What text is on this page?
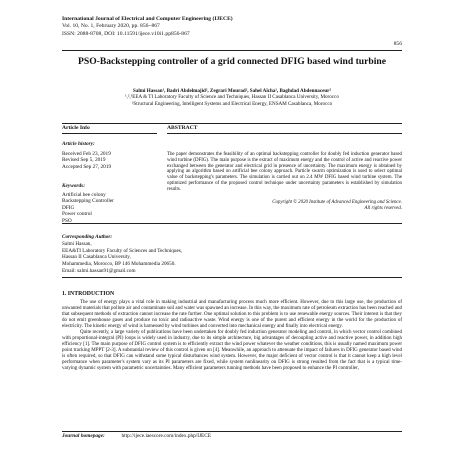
International Journal of Electrical and Computer Engineering (IJECE)
Vol. 10, No. 1, February 2020, pp. 856~867
ISSN: 2088-8708, DOI: 10.11591/ijece.v10i1.pp856-867
856
PSO-Backstepping controller of a grid connected DFIG based wind turbine
Salmi Hassan¹, Badri Abdelmajid², Zegrari Mourad², Sahel Aïcha¹, Baghdad Abdennaceur²
¹,²,³EEA & TI Laboratory Faculty of Science and Techniques, Hassan II Casablanca University, Morocco
²Structural Engineering, Intelligent Systems and Electrical Energy, ENSAM Casablanca, Morocco
Article Info	ABSTRACT
Article history:
Received Feb 23, 2019
Revised Sep 5, 2019
Accepted Sep 27, 2019
Keywords:
Artificial bee colony
Backstepping Controller
DFIG
Power control
PSO
The paper demonstrates the feasibility of an optimal backstepping controller for doubly fed induction generator based wind turbine (DFIG). The main purpose is the extract of maximum energy and the control of active and reactive power exchanged between the generator and electrical grid in presence of uncertainty. The maximum energy is obtained by applying an algorithm based on artificial bee colony approach. Particle swarm optimization is used to select optimal value of backstepping's parameters. The simulation is carried out on 2.4 MW DFIG based wind turbine system. The optimized performance of the proposed control technique under uncertainty parameters is established by simulation results.
Copyright © 2020 Institute of Advanced Engineering and Science.
All rights reserved.
Corresponding Author:
Salmi Hassan,
EEA&TI Laboratory Faculty of Sciences and Techniques,
Hassan II Casablanca University,
Mohammedia, Morocco, BP 146 Mohammedia 20650.
Email: salmi.hassan91@gmail.com
1. INTRODUCTION

The use of energy plays a vital role in making industrial and manufacturing process much more efficient. However, due to this large use, the production of unwanted materials that pollute air and contaminate soil and water was spawned an increase. In this way, the maximum rate of petroleum extraction has been reached and that subsequent methods of extraction cannot increase the rate further. One optimal solution to this problem is to use renewable energy sources. Their interest is that they do not emit greenhouse gases and produce no toxic and radioactive waste. Wind energy is one of the purest and efficient energy in the world for the production of electricity. The kinetic energy of wind is harnessed by wind turbines and converted into mechanical energy and finally into electrical energy.

Quite recently, a large variety of publications have been undertaken for doubly fed induction generator modeling and control, in which vector control combined with proportional-integral (PI) loops is widely used in industry, due to its simple architecture, big advantages of decoupling active and reactive power, in addition high efficiency [1]. The main purpose of DFIG control system is to efficiently extract the wind power whatever the weather conditions, this is usually named maximum power point tracking MPPT [2-3]. A substantial review of this control is given on [4]. Meanwhile, an approach to attenuate the impact of failures in DFIG generator based wind is often required, so that DFIG can withstand some typical disturbances wind system. However, the major deficient of vector control is that it cannot keep a high level performance when parameter's system vary as its PI parameters are fixed, while system nonlinearity on DFIG is strong resulted from the fact that is a typical time-varying dynamic system with parametric uncertainties. Many efficient parameters tunning methods have been proposed to enhance the PI controller,

Journal homepage:	http://ijece.iaescore.com/index.php/IJECE
